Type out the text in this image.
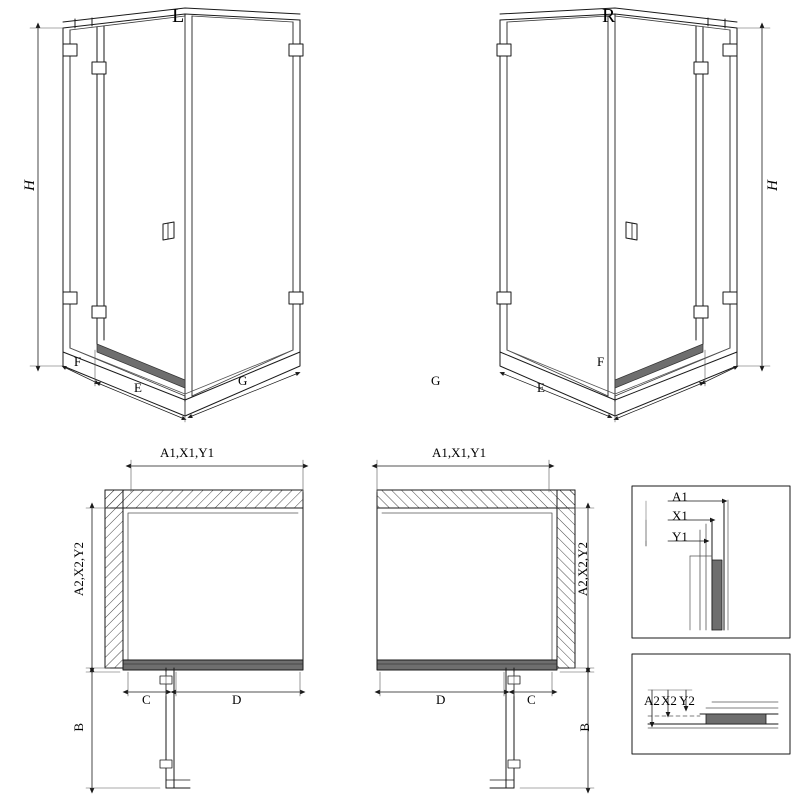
L	R
H	H
F
E	G
F
E
G
A1,X1,Y1
A2,X2,Y2
C	D
B
A1,X1,Y1
A2,X2,Y2
D	C
B
A1
X1
Y1
A2 X2 Y2
